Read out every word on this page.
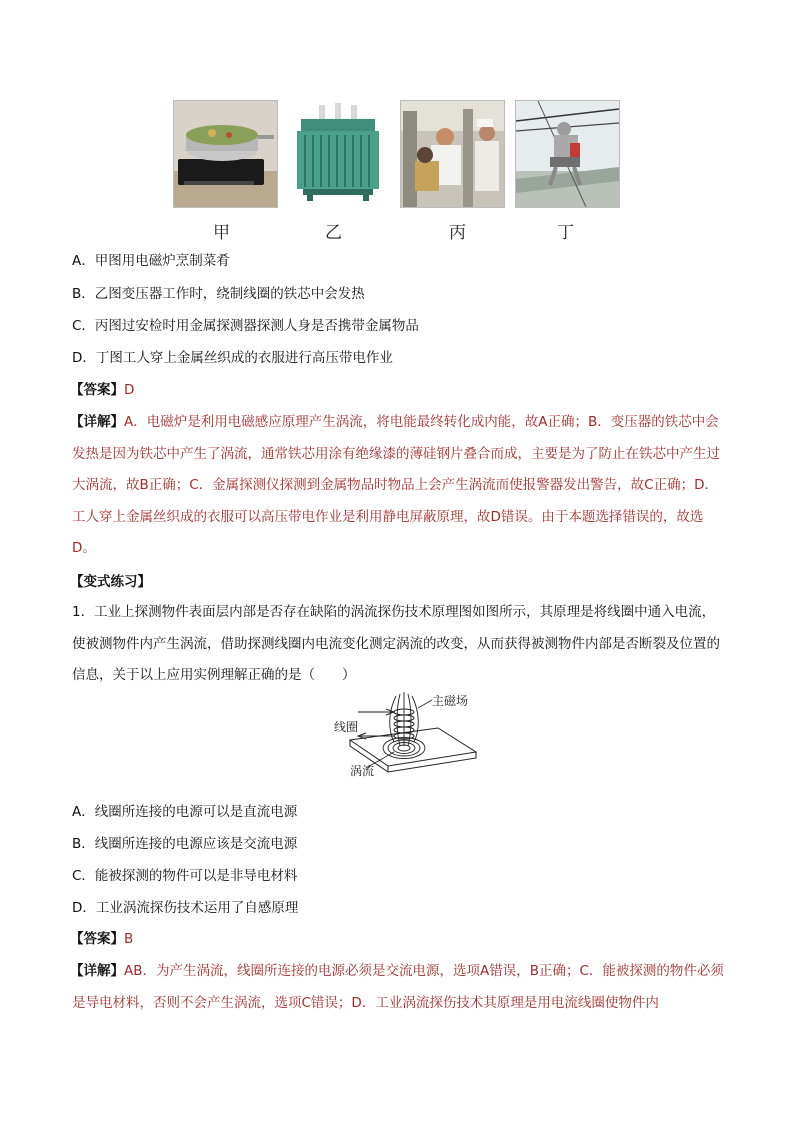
甲	乙	丙	丁
A．甲图用电磁炉烹制菜肴
B．乙图变压器工作时，绕制线圈的铁芯中会发热
C．丙图过安检时用金属探测器探测人身是否携带金属物品
D．丁图工人穿上金属丝织成的衣服进行高压带电作业
【答案】D
【详解】A．电磁炉是利用电磁感应原理产生涡流，将电能最终转化成内能，故A正确；B．变压器的铁芯中会发热是因为铁芯中产生了涡流，通常铁芯用涂有绝缘漆的薄硅钢片叠合而成，主要是为了防止在铁芯中产生过大涡流，故B正确；C．金属探测仪探测到金属物品时物品上会产生涡流而使报警器发出警告，故C正确；D．工人穿上金属丝织成的衣服可以高压带电作业是利用静电屏蔽原理，故D错误。由于本题选择错误的，故选D。
【变式练习】
1．工业上探测物件表面层内部是否存在缺陷的涡流探伤技术原理图如图所示，其原理是将线圈中通入电流，使被测物件内产生涡流，借助探测线圈内电流变化测定涡流的改变，从而获得被测物件内部是否断裂及位置的信息，关于以上应用实例理解正确的是（　　）
主磁场
线圈
涡流
A．线圈所连接的电源可以是直流电源
B．线圈所连接的电源应该是交流电源
C．能被探测的物件可以是非导电材料
D．工业涡流探伤技术运用了自感原理
【答案】B
【详解】AB．为产生涡流，线圈所连接的电源必须是交流电源，选项A错误，B正确；C．能被探测的物件必须是导电材料，否则不会产生涡流，选项C错误；D．工业涡流探伤技术其原理是用电流线圈使物件内
